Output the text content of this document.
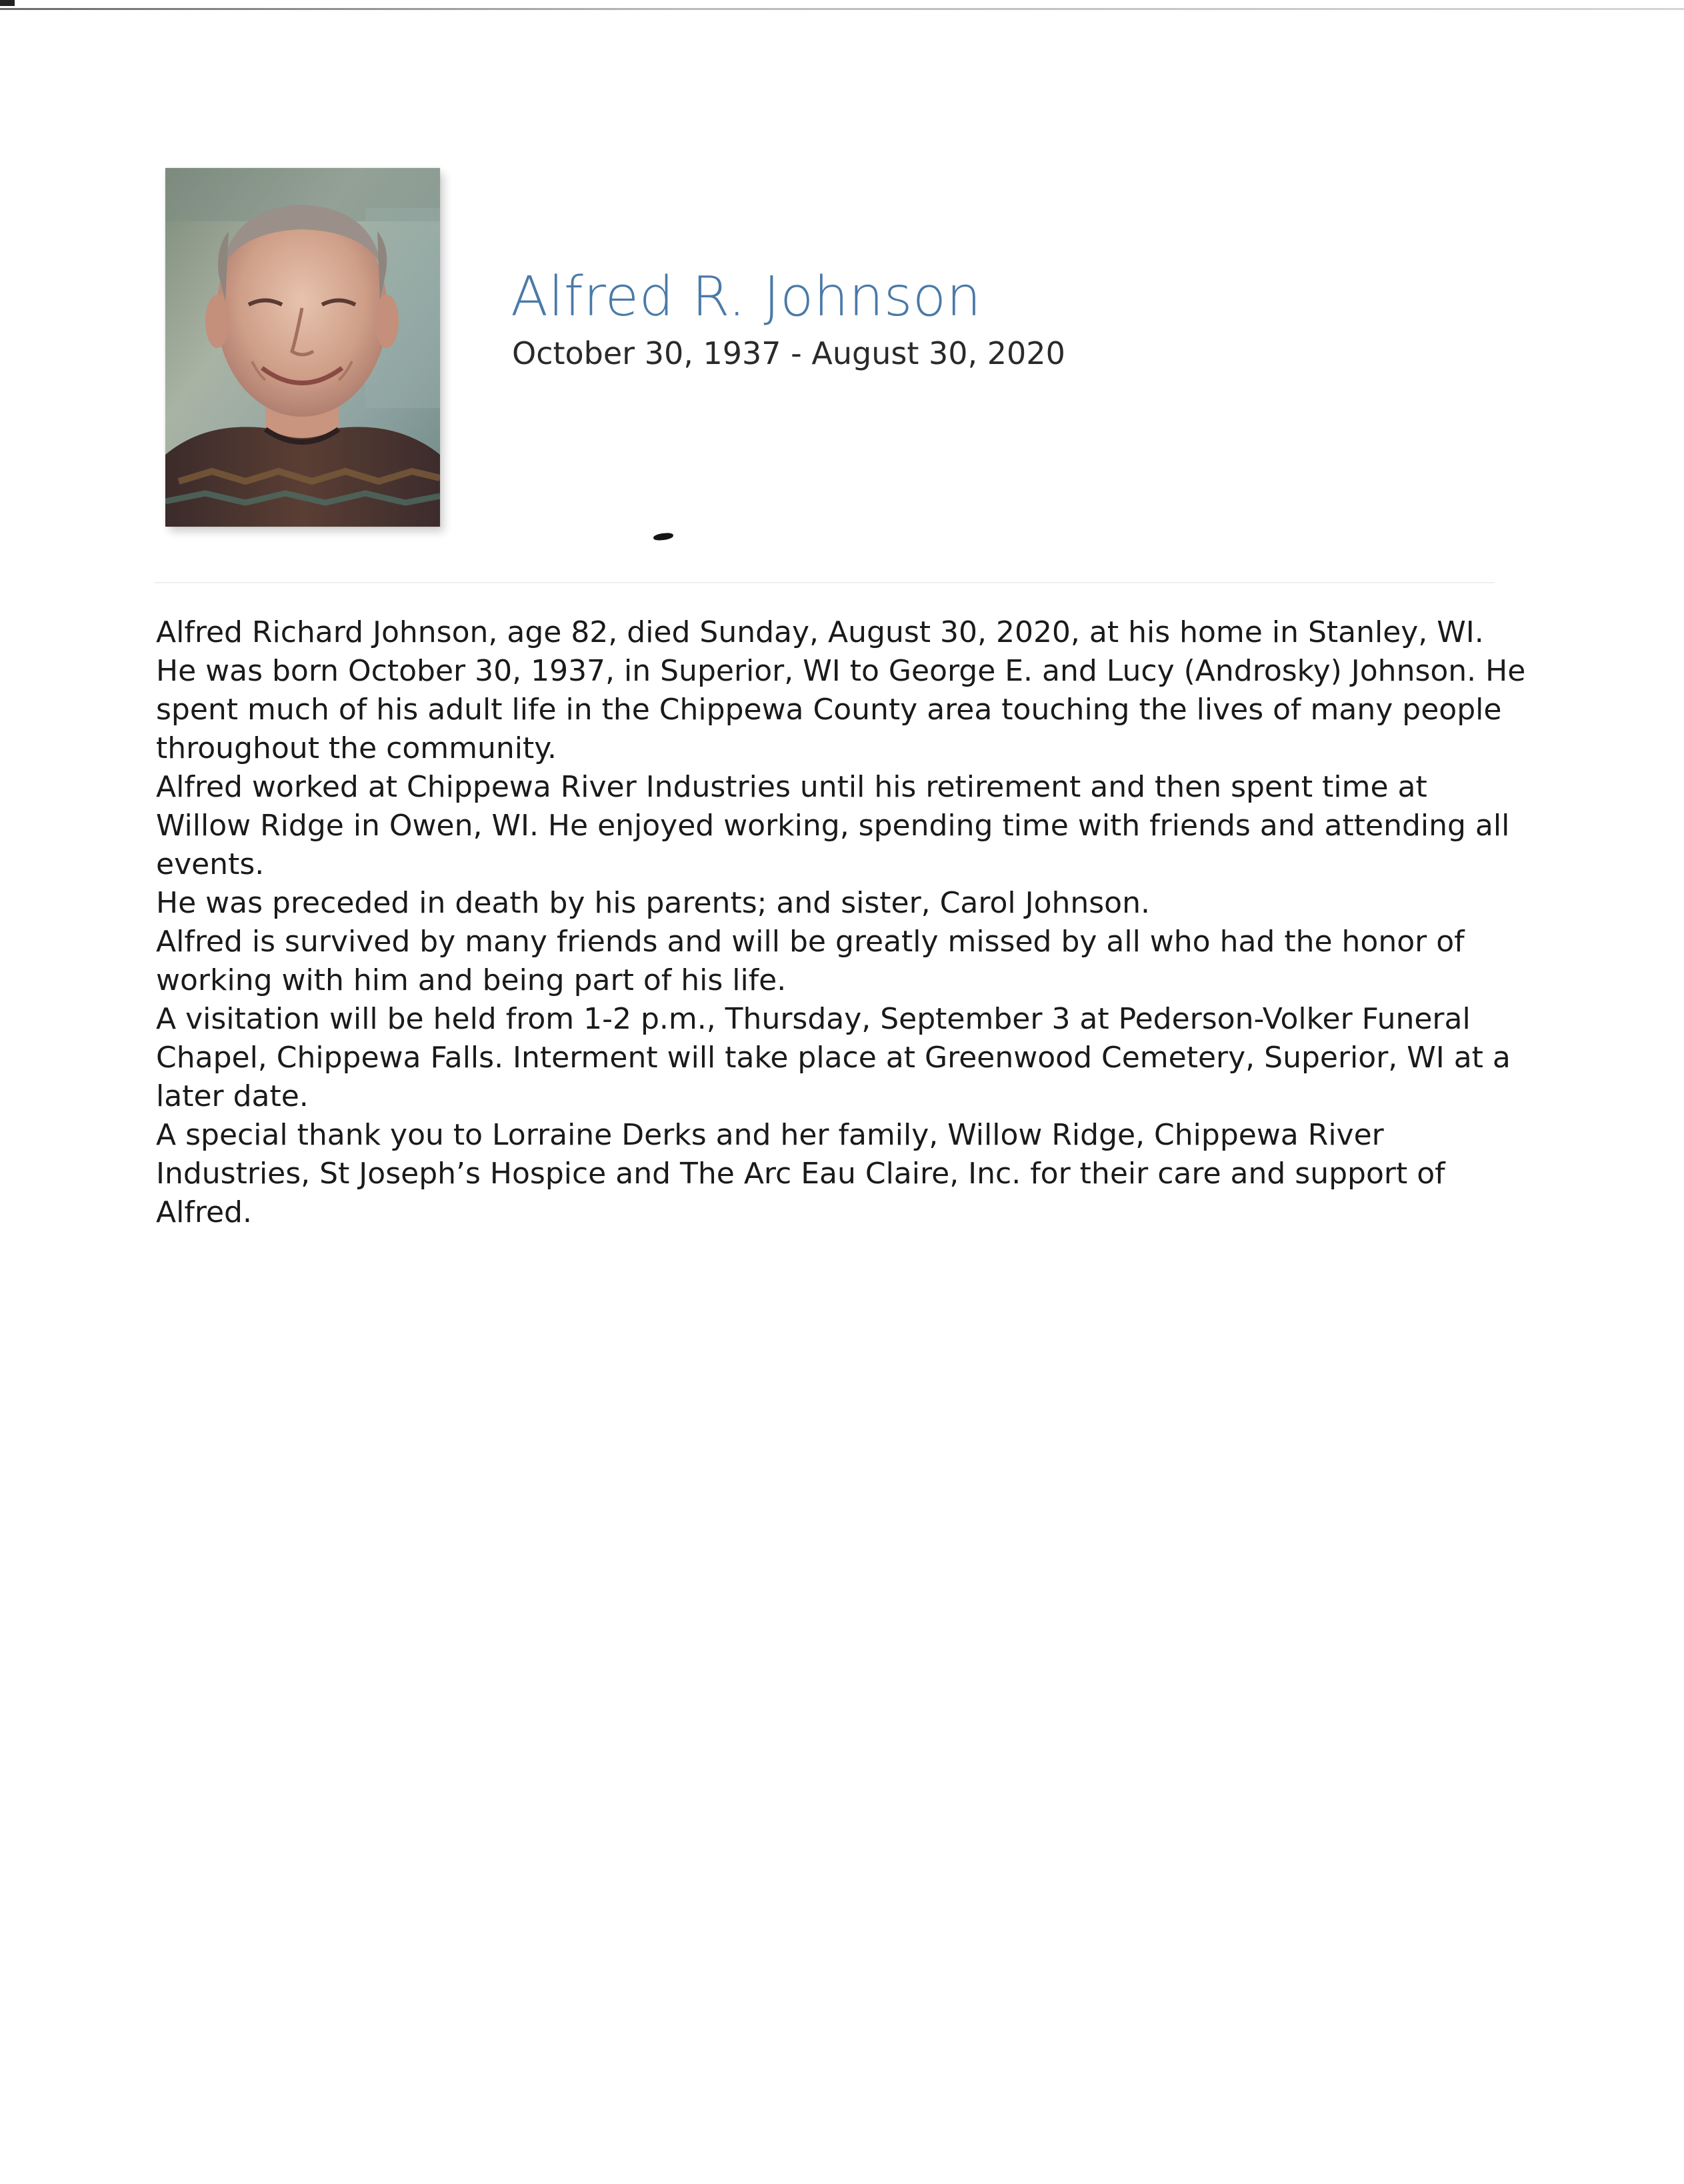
Alfred R. Johnson
October 30, 1937 - August 30, 2020

Alfred Richard Johnson, age 82, died Sunday, August 30, 2020, at his home in Stanley, WI.

He was born October 30, 1937, in Superior, WI to George E. and Lucy (Androsky) Johnson. He spent much of his adult life in the Chippewa County area touching the lives of many people throughout the community.

Alfred worked at Chippewa River Industries until his retirement and then spent time at Willow Ridge in Owen, WI. He enjoyed working, spending time with friends and attending all events.

He was preceded in death by his parents; and sister, Carol Johnson.

Alfred is survived by many friends and will be greatly missed by all who had the honor of working with him and being part of his life.

A visitation will be held from 1-2 p.m., Thursday, September 3 at Pederson-Volker Funeral Chapel, Chippewa Falls. Interment will take place at Greenwood Cemetery, Superior, WI at a later date.

A special thank you to Lorraine Derks and her family, Willow Ridge, Chippewa River Industries, St Joseph’s Hospice and The Arc Eau Claire, Inc. for their care and support of Alfred.
